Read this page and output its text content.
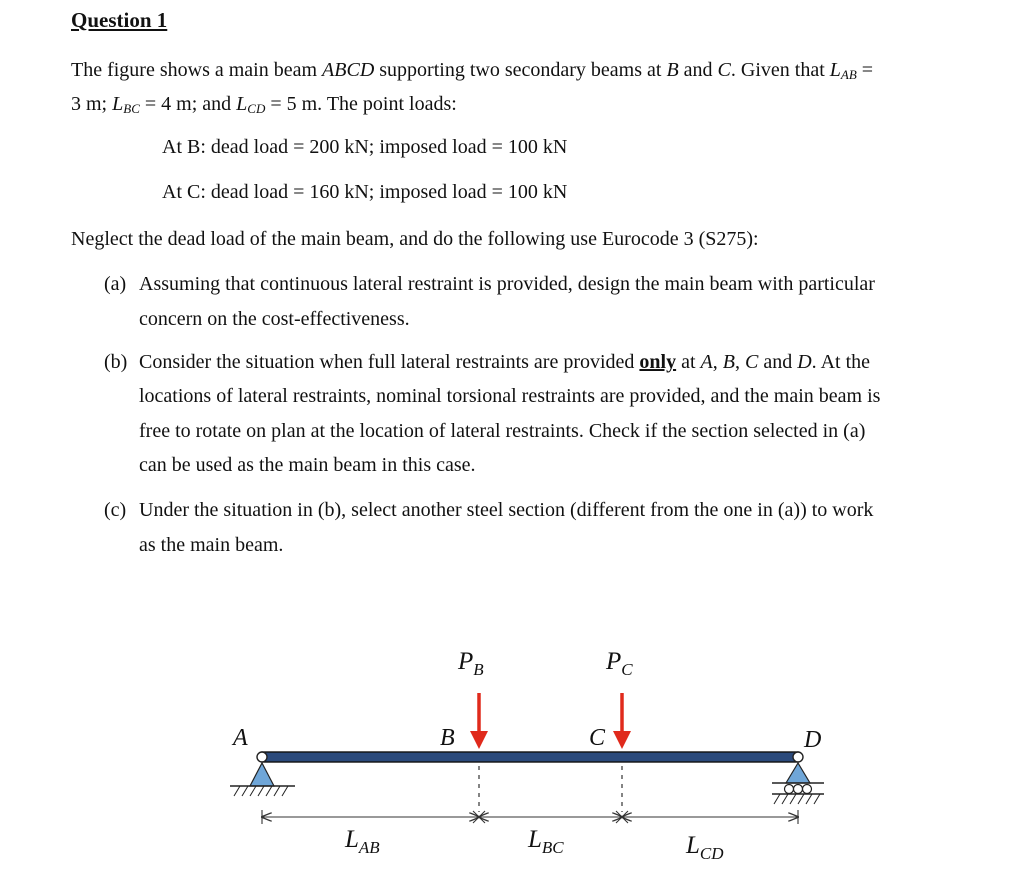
Question 1
The figure shows a main beam ABCD supporting two secondary beams at B and C. Given that $L_{AB}$ =
3 m; $L_{BC} = 4$ m; and $L_{CD} = 5$ m. The point loads:
At B: dead load = 200 kN; imposed load = 100 kN
At C: dead load = 160 kN; imposed load = 100 kN
Neglect the dead load of the main beam, and do the following use Eurocode 3 (S275):
(a) Assuming that continuous lateral restraint is provided, design the main beam with particular
concern on the cost-effectiveness.
(b) Consider the situation when full lateral restraints are provided only at A, B, C and D. At the
locations of lateral restraints, nominal torsional restraints are provided, and the main beam is
free to rotate on plan at the location of lateral restraints. Check if the section selected in (a)
can be used as the main beam in this case.
(c) Under the situation in (b), select another steel section (different from the one in (a)) to work
as the main beam.
$P_B$	$P_C$
A	B	C	D
$L_{AB}$	$L_{BC}$	$L_{CD}$
